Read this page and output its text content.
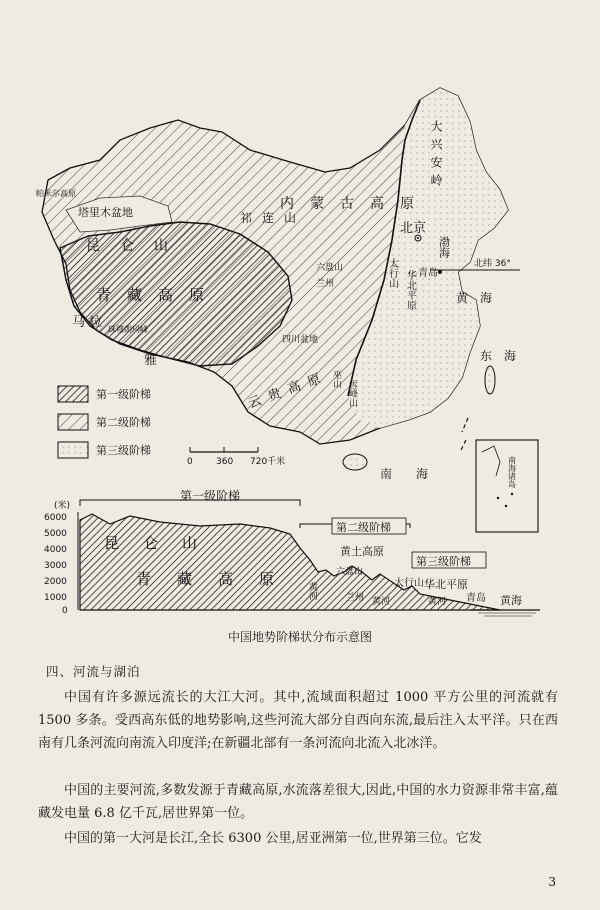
塔里木盆地
帕米尔高原
昆仑山
青藏高原
马拉
雅
珠穆朗玛峰
祁连山
内蒙古高原
大兴安岭
太行山 华北平原
四川盆地
云贵高原
兰州
六盘山
巫山
雪峰山
北京
青岛
渤海
黄海
东海
南海	南海诸岛
北纬 36°
第一级阶梯
第二级阶梯
第三级阶梯
0	360 720千米
第一级阶梯
(米)
6000
5000
4000
3000
2000
1000
0
第二级阶梯
第三级阶梯
昆仑山
青藏高原
黄土高原
六盘山
黄河	兰州 黄河
太行山 华北平原
黄河 青岛 黄海
中国地势阶梯状分布示意图
四、河流与湖泊

中国有许多源远流长的大江大河。其中,流域面积超过 1000 平方公里的河流就有 1500 多条。受西高东低的地势影响,这些河流大部分自西向东流,最后注入太平洋。只在西南有几条河流向南流入印度洋;在新疆北部有一条河流向北流入北冰洋。

中国的主要河流,多数发源于青藏高原,水流落差很大,因此,中国的水力资源非常丰富,蕴藏发电量 6.8 亿千瓦,居世界第一位。

中国的第一大河是长江,全长 6300 公里,居亚洲第一位,世界第三位。它发

3
